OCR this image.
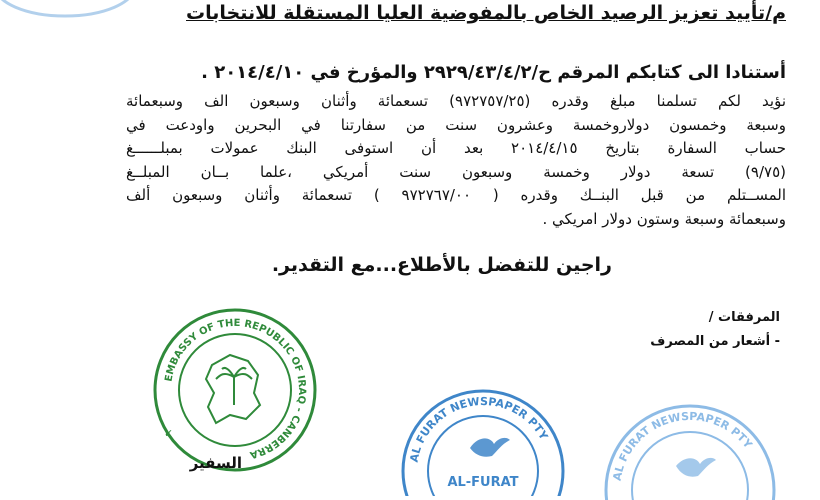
م/تأييد تعزيز الرصيد الخاص بالمفوضية العليا المستقلة للانتخابات
أستنادا الى كتابكم المرقم ح/٢٩٢٩/٤٣/٤/٢ والمؤرخ في ٢٠١٤/٤/١٠ .
نؤيد لكم تسلمنا مبلغ وقدره (٩٧٢٧٥٧/٢٥) تسعمائة وأثنان وسبعون الف وسبعمائة
وسبعة وخمسون دولاروخمسة وعشرون سنت من سفارتنا في البحرين واودعت في
حساب السفارة بتاريخ ٢٠١٤/٤/١٥ بعد أن استوفى البنك عمولات بمبلــــــغ
(٩/٧٥) تسعة دولار وخمسة وسبعون سنت أمريكي ،علما بــان المبلــغ
المســتلم من قبل البنــك وقدره ( ٩٧٢٧٦٧/٠٠ ) تسعمائة وأثنان وسبعون ألف
وسبعمائة وسبعة وستون دولار امريكي .
راجين للتفضل بالأطلاع...مع التقدير.
المرفقات /
- أشعار من المصرف
EMBASSY OF THE REPUBLIC OF IRAQ - CANBERRA
✓
السفير	AL FURAT NEWSPAPER PTY
AL-FURAT	AL FURAT NEWSPAPER PTY
